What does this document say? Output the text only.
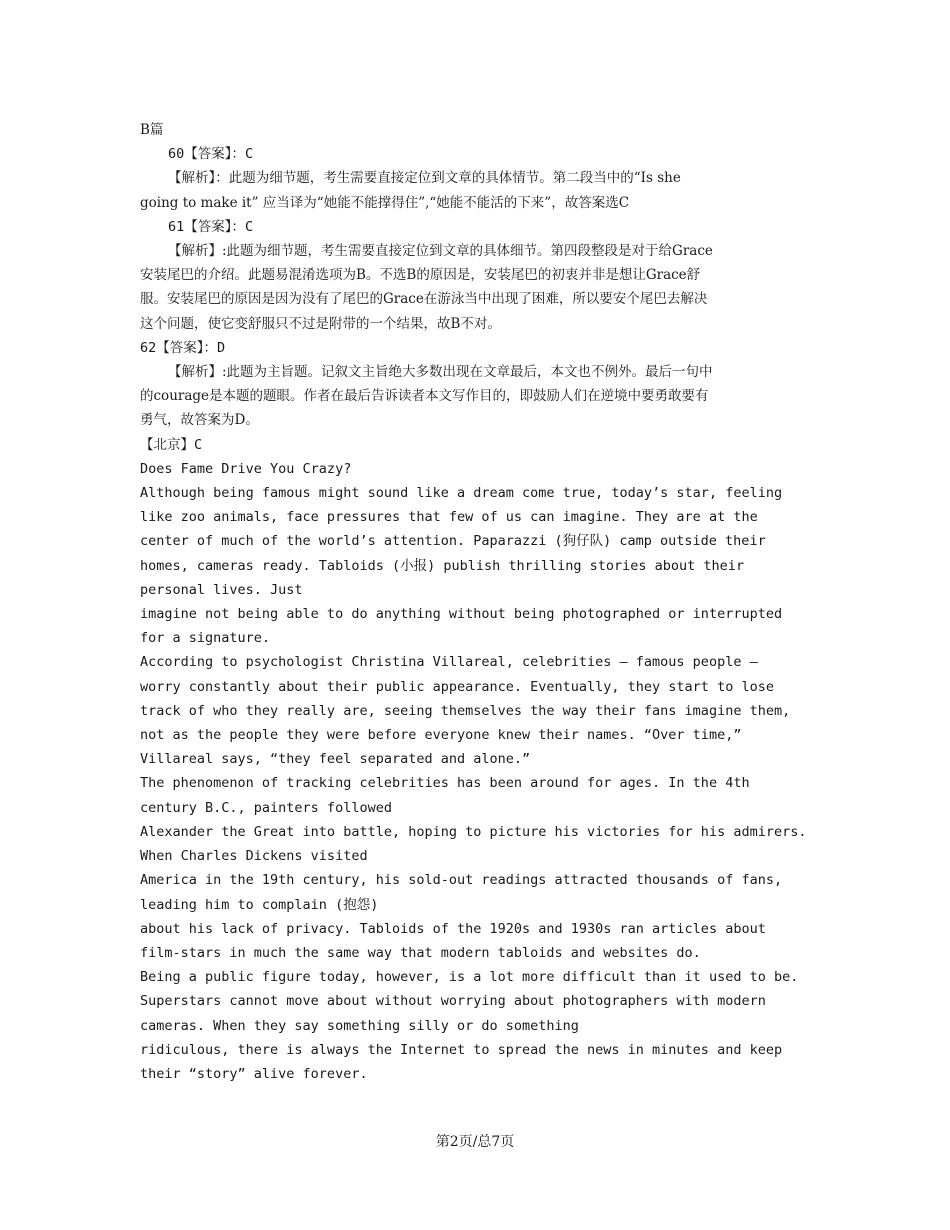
B篇

60【答案】：C

【解析】：此题为细节题，考生需要直接定位到文章的具体情节。第二段当中的“Is she

going to make it” 应当译为“她能不能撑得住”,“她能不能活的下来”，故答案选C

61【答案】：C

【解析】:此题为细节题，考生需要直接定位到文章的具体细节。第四段整段是对于给Grace

安装尾巴的介绍。此题易混淆选项为B。不选B的原因是，安装尾巴的初衷并非是想让Grace舒

服。安装尾巴的原因是因为没有了尾巴的Grace在游泳当中出现了困难，所以要安个尾巴去解决

这个问题，使它变舒服只不过是附带的一个结果，故B不对。

62【答案】：D

【解析】:此题为主旨题。记叙文主旨绝大多数出现在文章最后，本文也不例外。最后一句中

的courage是本题的题眼。作者在最后告诉读者本文写作目的，即鼓励人们在逆境中要勇敢要有

勇气，故答案为D。

【北京】C

Does Fame Drive You Crazy?

Although being famous might sound like a dream come true, today’s star, feeling

like zoo animals, face pressures that few of us can imagine. They are at the

center of much of the world’s attention. Paparazzi (狗仔队) camp outside their

homes, cameras ready. Tabloids (小报) publish thrilling stories about their

personal lives. Just

imagine not being able to do anything without being photographed or interrupted

for a signature.

According to psychologist Christina Villareal, celebrities — famous people —

worry constantly about their public appearance. Eventually, they start to lose

track of who they really are, seeing themselves the way their fans imagine them,

not as the people they were before everyone knew their names. “Over time,”

Villareal says, “they feel separated and alone.”

The phenomenon of tracking celebrities has been around for ages. In the 4th

century B.C., painters followed

Alexander the Great into battle, hoping to picture his victories for his admirers.

When Charles Dickens visited

America in the 19th century, his sold-out readings attracted thousands of fans,

leading him to complain (抱怨)

about his lack of privacy. Tabloids of the 1920s and 1930s ran articles about

film-stars in much the same way that modern tabloids and websites do.

Being a public figure today, however, is a lot more difficult than it used to be.

Superstars cannot move about without worrying about photographers with modern

cameras. When they say something silly or do something

ridiculous, there is always the Internet to spread the news in minutes and keep

their “story” alive forever.

第2页/总7页
